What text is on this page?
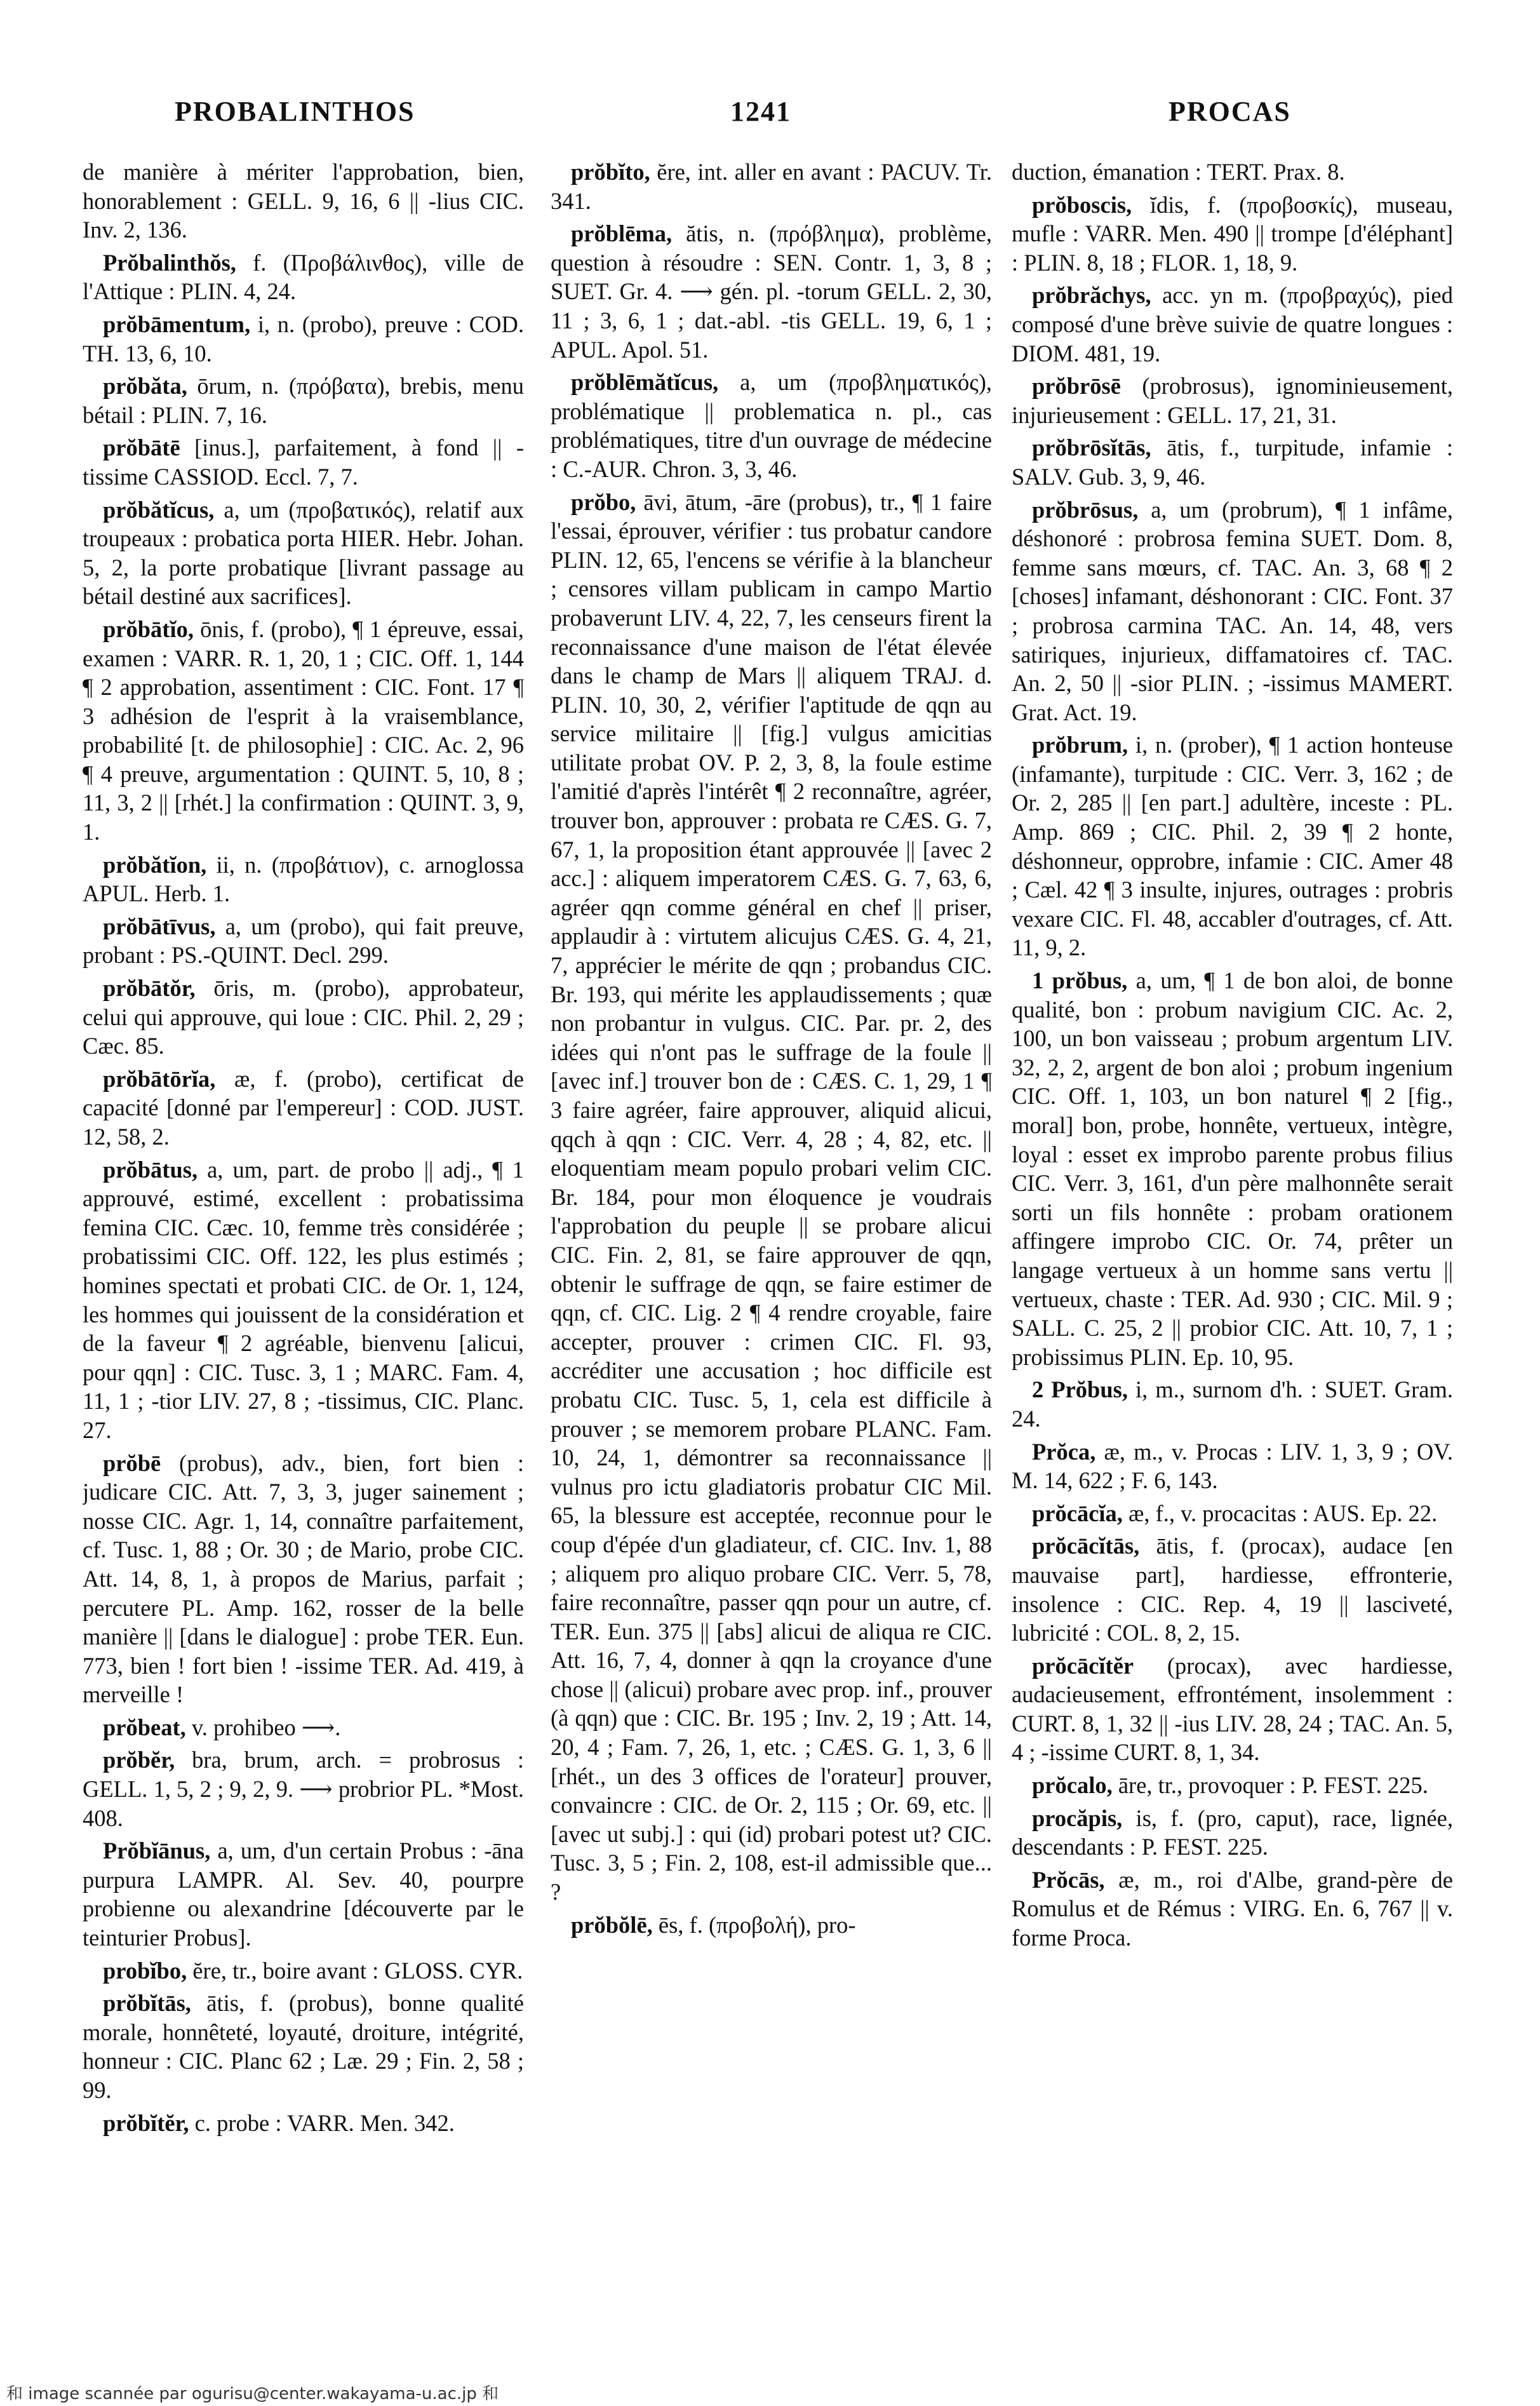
PROBALINTHOS	1241	PROCAS

de manière à mériter l'approbation, bien, honorablement : GELL. 9, 16, 6 || -lius CIC. Inv. 2, 136.

Prŏbalinthŏs, f. (Προβάλινθος), ville de l'Attique : PLIN. 4, 24.

prŏbāmentum, i, n. (probo), preuve : COD. TH. 13, 6, 10.

prŏbăta, ōrum, n. (πρόβατα), brebis, menu bétail : PLIN. 7, 16.

prŏbātē [inus.], parfaitement, à fond || -tissime CASSIOD. Eccl. 7, 7.

prŏbătĭcus, a, um (προβατικός), relatif aux troupeaux : probatica porta HIER. Hebr. Johan. 5, 2, la porte probatique [livrant passage au bétail destiné aux sacrifices].

prŏbātĭo, ōnis, f. (probo), ¶ 1 épreuve, essai, examen : VARR. R. 1, 20, 1 ; CIC. Off. 1, 144 ¶ 2 approbation, assentiment : CIC. Font. 17 ¶ 3 adhésion de l'esprit à la vraisemblance, probabilité [t. de philosophie] : CIC. Ac. 2, 96 ¶ 4 preuve, argumentation : QUINT. 5, 10, 8 ; 11, 3, 2 || [rhét.] la confirmation : QUINT. 3, 9, 1.

prŏbătĭon, ii, n. (προβάτιον), c. arnoglossa APUL. Herb. 1.

prŏbātīvus, a, um (probo), qui fait preuve, probant : PS.-QUINT. Decl. 299.

prŏbātŏr, ōris, m. (probo), approbateur, celui qui approuve, qui loue : CIC. Phil. 2, 29 ; Cæc. 85.

prŏbātōrĭa, æ, f. (probo), certificat de capacité [donné par l'empereur] : COD. JUST. 12, 58, 2.

prŏbātus, a, um, part. de probo || adj., ¶ 1 approuvé, estimé, excellent : probatissima femina CIC. Cæc. 10, femme très considérée ; probatissimi CIC. Off. 122, les plus estimés ; homines spectati et probati CIC. de Or. 1, 124, les hommes qui jouissent de la considération et de la faveur ¶ 2 agréable, bienvenu [alicui, pour qqn] : CIC. Tusc. 3, 1 ; MARC. Fam. 4, 11, 1 ; -tior LIV. 27, 8 ; -tissimus, CIC. Planc. 27.

prŏbē (probus), adv., bien, fort bien : judicare CIC. Att. 7, 3, 3, juger sainement ; nosse CIC. Agr. 1, 14, connaître parfaitement, cf. Tusc. 1, 88 ; Or. 30 ; de Mario, probe CIC. Att. 14, 8, 1, à propos de Marius, parfait ; percutere PL. Amp. 162, rosser de la belle manière || [dans le dialogue] : probe TER. Eun. 773, bien ! fort bien ! -issime TER. Ad. 419, à merveille !

prŏbeat, v. prohibeo ⟶.

prŏbĕr, bra, brum, arch. = probrosus : GELL. 1, 5, 2 ; 9, 2, 9. ⟶ probrior PL. *Most. 408.

Prŏbĭānus, a, um, d'un certain Probus : -āna purpura LAMPR. Al. Sev. 40, pourpre probienne ou alexandrine [découverte par le teinturier Probus].

probĭbo, ĕre, tr., boire avant : GLOSS. CYR.

prŏbĭtās, ātis, f. (probus), bonne qualité morale, honnêteté, loyauté, droiture, intégrité, honneur : CIC. Planc 62 ; Læ. 29 ; Fin. 2, 58 ; 99.

prŏbĭtĕr, c. probe : VARR. Men. 342.

prŏbĭto, ĕre, int. aller en avant : PACUV. Tr. 341.

prŏblēma, ătis, n. (πρόβλημα), problème, question à résoudre : SEN. Contr. 1, 3, 8 ; SUET. Gr. 4. ⟶ gén. pl. -torum GELL. 2, 30, 11 ; 3, 6, 1 ; dat.-abl. -tis GELL. 19, 6, 1 ; APUL. Apol. 51.

prŏblēmătĭcus, a, um (προβληματικός), problématique || problematica n. pl., cas problématiques, titre d'un ouvrage de médecine : C.-AUR. Chron. 3, 3, 46.

prŏbo, āvi, ātum, -āre (probus), tr., ¶ 1 faire l'essai, éprouver, vérifier : tus probatur candore PLIN. 12, 65, l'encens se vérifie à la blancheur ; censores villam publicam in campo Martio probaverunt LIV. 4, 22, 7, les censeurs firent la reconnaissance d'une maison de l'état élevée dans le champ de Mars || aliquem TRAJ. d. PLIN. 10, 30, 2, vérifier l'aptitude de qqn au service militaire || [fig.] vulgus amicitias utilitate probat OV. P. 2, 3, 8, la foule estime l'amitié d'après l'intérêt ¶ 2 reconnaître, agréer, trouver bon, approuver : probata re CÆS. G. 7, 67, 1, la proposition étant approuvée || [avec 2 acc.] : aliquem imperatorem CÆS. G. 7, 63, 6, agréer qqn comme général en chef || priser, applaudir à : virtutem alicujus CÆS. G. 4, 21, 7, apprécier le mérite de qqn ; probandus CIC. Br. 193, qui mérite les applaudissements ; quæ non probantur in vulgus. CIC. Par. pr. 2, des idées qui n'ont pas le suffrage de la foule || [avec inf.] trouver bon de : CÆS. C. 1, 29, 1 ¶ 3 faire agréer, faire approuver, aliquid alicui, qqch à qqn : CIC. Verr. 4, 28 ; 4, 82, etc. || eloquentiam meam populo probari velim CIC. Br. 184, pour mon éloquence je voudrais l'approbation du peuple || se probare alicui CIC. Fin. 2, 81, se faire approuver de qqn, obtenir le suffrage de qqn, se faire estimer de qqn, cf. CIC. Lig. 2 ¶ 4 rendre croyable, faire accepter, prouver : crimen CIC. Fl. 93, accréditer une accusation ; hoc difficile est probatu CIC. Tusc. 5, 1, cela est difficile à prouver ; se memorem probare PLANC. Fam. 10, 24, 1, démontrer sa reconnaissance || vulnus pro ictu gladiatoris probatur CIC Mil. 65, la blessure est acceptée, reconnue pour le coup d'épée d'un gladiateur, cf. CIC. Inv. 1, 88 ; aliquem pro aliquo probare CIC. Verr. 5, 78, faire reconnaître, passer qqn pour un autre, cf. TER. Eun. 375 || [abs] alicui de aliqua re CIC. Att. 16, 7, 4, donner à qqn la croyance d'une chose || (alicui) probare avec prop. inf., prouver (à qqn) que : CIC. Br. 195 ; Inv. 2, 19 ; Att. 14, 20, 4 ; Fam. 7, 26, 1, etc. ; CÆS. G. 1, 3, 6 || [rhét., un des 3 offices de l'orateur] prouver, convaincre : CIC. de Or. 2, 115 ; Or. 69, etc. || [avec ut subj.] : qui (id) probari potest ut? CIC. Tusc. 3, 5 ; Fin. 2, 108, est-il admissible que... ?

prŏbŏlē, ēs, f. (προβολή), pro-

duction, émanation : TERT. Prax. 8.

prŏboscis, ĭdis, f. (προβοσκίς), museau, mufle : VARR. Men. 490 || trompe [d'éléphant] : PLIN. 8, 18 ; FLOR. 1, 18, 9.

prŏbrăchys, acc. yn m. (προβραχύς), pied composé d'une brève suivie de quatre longues : DIOM. 481, 19.

prŏbrōsē (probrosus), ignominieusement, injurieusement : GELL. 17, 21, 31.

prŏbrōsĭtās, ātis, f., turpitude, infamie : SALV. Gub. 3, 9, 46.

prŏbrōsus, a, um (probrum), ¶ 1 infâme, déshonoré : probrosa femina SUET. Dom. 8, femme sans mœurs, cf. TAC. An. 3, 68 ¶ 2 [choses] infamant, déshonorant : CIC. Font. 37 ; probrosa carmina TAC. An. 14, 48, vers satiriques, injurieux, diffamatoires cf. TAC. An. 2, 50 || -sior PLIN. ; -issimus MAMERT. Grat. Act. 19.

prŏbrum, i, n. (prober), ¶ 1 action honteuse (infamante), turpitude : CIC. Verr. 3, 162 ; de Or. 2, 285 || [en part.] adultère, inceste : PL. Amp. 869 ; CIC. Phil. 2, 39 ¶ 2 honte, déshonneur, opprobre, infamie : CIC. Amer 48 ; Cæl. 42 ¶ 3 insulte, injures, outrages : probris vexare CIC. Fl. 48, accabler d'outrages, cf. Att. 11, 9, 2.

1 prŏbus, a, um, ¶ 1 de bon aloi, de bonne qualité, bon : probum navigium CIC. Ac. 2, 100, un bon vaisseau ; probum argentum LIV. 32, 2, 2, argent de bon aloi ; probum ingenium CIC. Off. 1, 103, un bon naturel ¶ 2 [fig., moral] bon, probe, honnête, vertueux, intègre, loyal : esset ex improbo parente probus filius CIC. Verr. 3, 161, d'un père malhonnête serait sorti un fils honnête : probam orationem affingere improbo CIC. Or. 74, prêter un langage vertueux à un homme sans vertu || vertueux, chaste : TER. Ad. 930 ; CIC. Mil. 9 ; SALL. C. 25, 2 || probior CIC. Att. 10, 7, 1 ; probissimus PLIN. Ep. 10, 95.

2 Prŏbus, i, m., surnom d'h. : SUET. Gram. 24.

Prŏca, æ, m., v. Procas : LIV. 1, 3, 9 ; OV. M. 14, 622 ; F. 6, 143.

prŏcācĭa, æ, f., v. procacitas : AUS. Ep. 22.

prŏcācĭtās, ātis, f. (procax), audace [en mauvaise part], hardiesse, effronterie, insolence : CIC. Rep. 4, 19 || lasciveté, lubricité : COL. 8, 2, 15.

prŏcācĭtĕr (procax), avec hardiesse, audacieusement, effrontément, insolemment : CURT. 8, 1, 32 || -ius LIV. 28, 24 ; TAC. An. 5, 4 ; -issime CURT. 8, 1, 34.

prŏcalo, āre, tr., provoquer : P. FEST. 225.

procăpis, is, f. (pro, caput), race, lignée, descendants : P. FEST. 225.

Prŏcās, æ, m., roi d'Albe, grand-père de Romulus et de Rémus : VIRG. En. 6, 767 || v. forme Proca.

和 image scannée par ogurisu@center.wakayama-u.ac.jp 和
